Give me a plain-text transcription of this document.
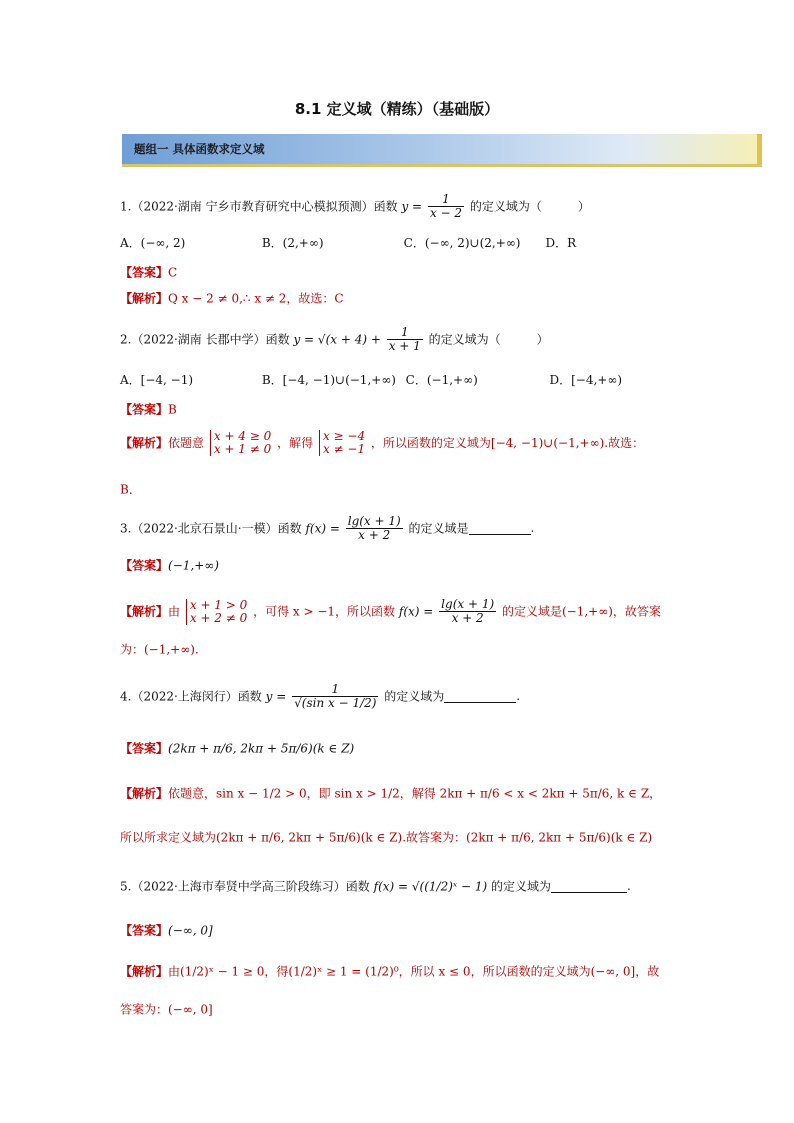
8.1 定义域（精练）（基础版）
题组一 具体函数求定义域
1.（2022·湖南 宁乡市教育研究中心模拟预测）函数 $y = \frac{1}{x - 2}$ 的定义域为（　　　）
A．(−∞, 2)	B．(2,+∞)	C．(−∞, 2)∪(2,+∞) D．R
【答案】C
【解析】Q x − 2 ≠ 0,∴ x ≠ 2，故选：C
2.（2022·湖南 长郡中学）函数 $y = √(x + 4) + \frac{1}{x + 1}$ 的定义域为（　　　）
A．[−4, −1)	B．[−4, −1)∪(−1,+∞) C．(−1,+∞)	D．[−4,+∞)
【答案】B
【解析】依题意 x + 4 ≥ 0
x + 1 ≠ 0 ，解得 x ≥ −4
x ≠ −1 ，所以函数的定义域为[−4, −1)∪(−1,+∞).故选：
B．
3.（2022·北京石景山·一模）函数 $f(x) = \frac{\lg(x + 1)}{x + 2}$ 的定义域是	.
【答案】(−1,+∞)
【解析】由 x + 1 > 0
x + 2 ≠ 0 ，可得 x > −1，所以函数 $f(x) = \frac{\lg(x + 1)}{x + 2}$ 的定义域是(−1,+∞)，故答案
为：(−1,+∞).
4.（2022·上海闵行）函数 $y = \frac{1}{\text{√(sin x − 1/2)}}$ 的定义域为	.
【答案】(2kπ + π/6, 2kπ + 5π/6)(k ∈ Z)
【解析】依题意，sin x − 1/2 > 0，即 sin x > 1/2，解得 2kπ + π/6 < x < 2kπ + 5π/6, k ∈ Z，
所以所求定义域为(2kπ + π/6, 2kπ + 5π/6)(k ∈ Z).故答案为：(2kπ + π/6, 2kπ + 5π/6)(k ∈ Z)
5.（2022·上海市奉贤中学高三阶段练习）函数 f(x) = √((1/2)ˣ − 1) 的定义域为	.
【答案】(−∞, 0]
【解析】由(1/2)ˣ − 1 ≥ 0，得(1/2)ˣ ≥ 1 = (1/2)⁰，所以 x ≤ 0，所以函数的定义域为(−∞, 0]，故
答案为：(−∞, 0]
